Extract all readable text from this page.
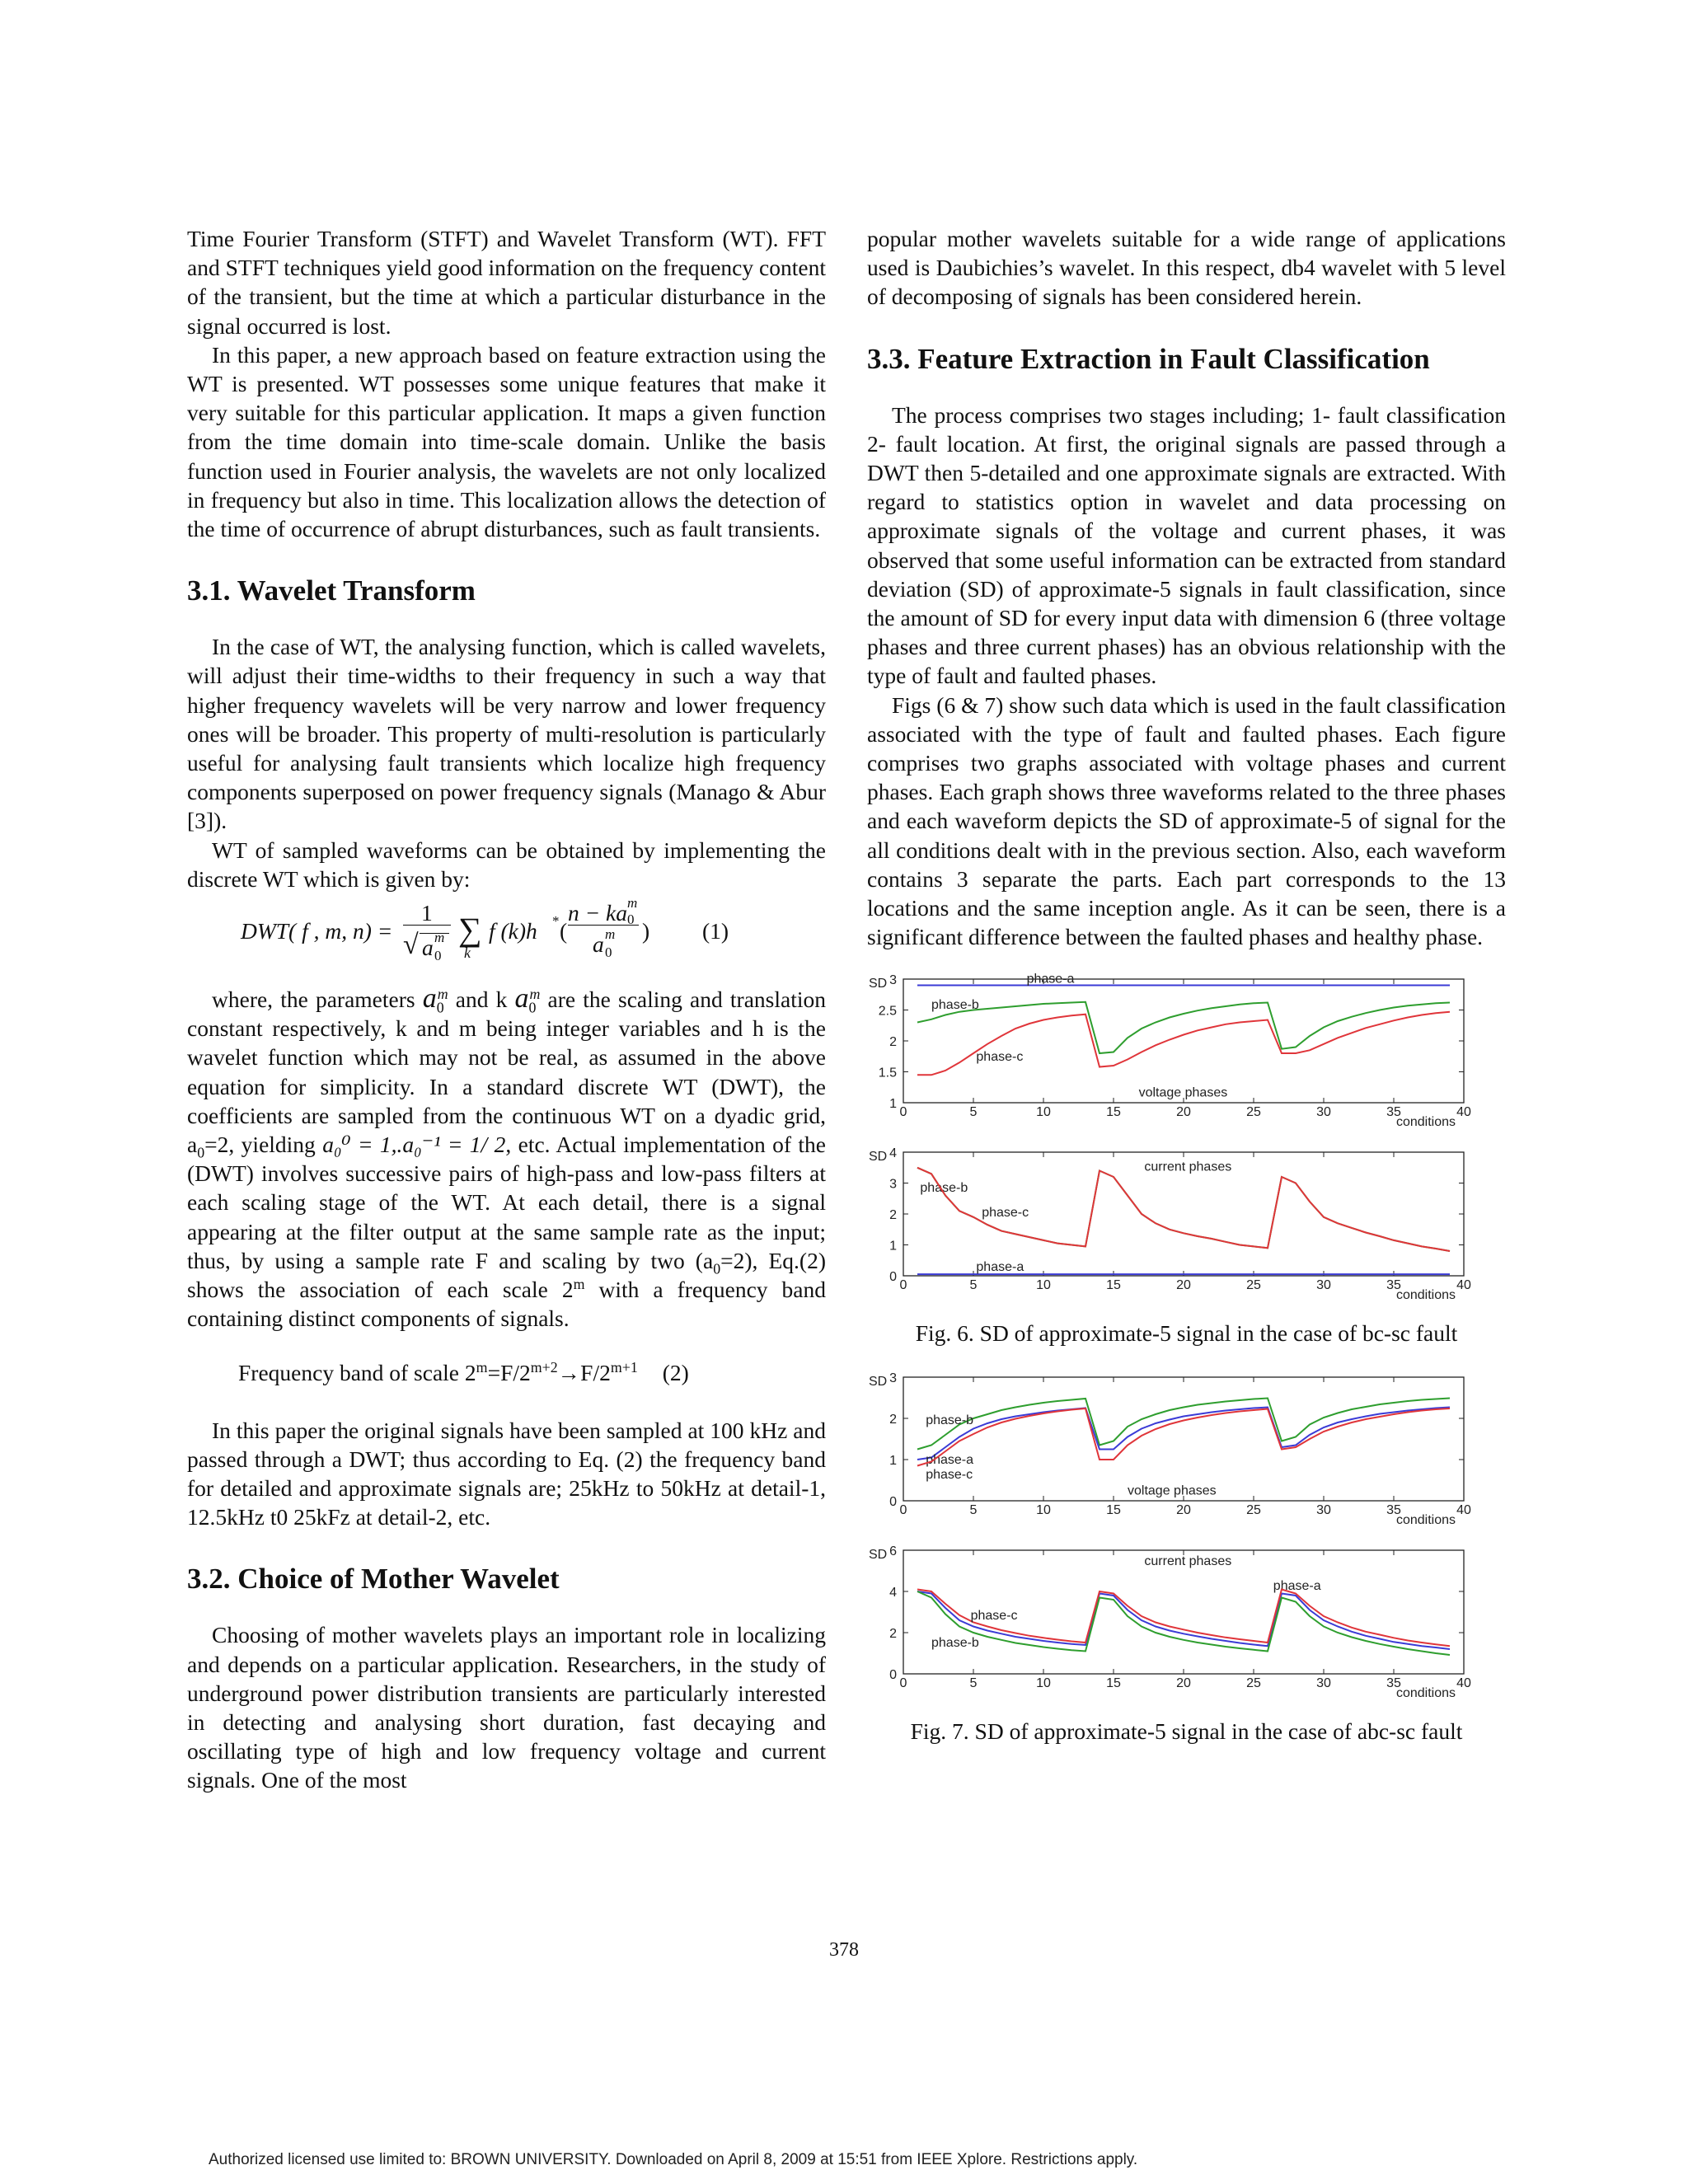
Time Fourier Transform (STFT) and Wavelet Transform (WT). FFT and STFT techniques yield good information on the frequency content of the transient, but the time at which a particular disturbance in the signal occurred is lost.

In this paper, a new approach based on feature extraction using the WT is presented. WT possesses some unique features that make it very suitable for this particular application. It maps a given function from the time domain into time-scale domain. Unlike the basis function used in Fourier analysis, the wavelets are not only localized in frequency but also in time. This localization allows the detection of the time of occurrence of abrupt disturbances, such as fault transients.

3.1. Wavelet Transform

In the case of WT, the analysing function, which is called wavelets, will adjust their time-widths to their frequency in such a way that higher frequency wavelets will be very narrow and lower frequency ones will be broader. This property of multi-resolution is particularly useful for analysing fault transients which localize high frequency components superposed on power frequency signals (Manago & Abur [3]).

WT of sampled waveforms can be obtained by implementing the discrete WT which is given by:

DWT( f , m, n) =
1
√ a m
0
∑
k
f (k)h * (
n − ka m
0
a m
0
) (1)

where, the parameters $a_0^m$ and k $a_0^m$ are the scaling and translation constant respectively, k and m being integer variables and h is the wavelet function which may not be real, as assumed in the above equation for simplicity. In a standard discrete WT (DWT), the coefficients are sampled from the continuous WT on a dyadic grid, $a_0=2$, yielding a₀⁰ = 1,.a₀⁻¹ = 1/ 2, etc. Actual implementation of the (DWT) involves successive pairs of high-pass and low-pass filters at each scaling stage of the WT. At each detail, there is a signal appearing at the filter output at the same sample rate as the input; thus, by using a sample rate F and scaling by two $(a_0=2)$, Eq.(2) shows the association of each scale 2$^m$ with a frequency band containing distinct components of signals.

Frequency band of scale $2^m=F/2^{m+2}\to F/2^{m+1}$ (2)

In this paper the original signals have been sampled at 100 kHz and passed through a DWT; thus according to Eq. (2) the frequency band for detailed and approximate signals are; 25kHz to 50kHz at detail-1, 12.5kHz t0 25kFz at detail-2, etc.

3.2. Choice of Mother Wavelet

Choosing of mother wavelets plays an important role in localizing and depends on a particular application. Researchers, in the study of underground power distribution transients are particularly interested in detecting and analysing short duration, fast decaying and oscillating type of high and low frequency voltage and current signals. One of the most

popular mother wavelets suitable for a wide range of applications used is Daubichies’s wavelet. In this respect, db4 wavelet with 5 level of decomposing of signals has been considered herein.

3.3. Feature Extraction in Fault Classification

The process comprises two stages including; 1- fault classification 2- fault location. At first, the original signals are passed through a DWT then 5-detailed and one approximate signals are extracted. With regard to statistics option in wavelet and data processing on approximate signals of the voltage and current phases, it was observed that some useful information can be extracted from standard deviation (SD) of approximate-5 signals in fault classification, since the amount of SD for every input data with dimension 6 (three voltage phases and three current phases) has an obvious relationship with the type of fault and faulted phases.

Figs (6 & 7) show such data which is used in the fault classification associated with the type of fault and faulted phases. Each figure comprises two graphs associated with voltage phases and current phases. Each graph shows three waveforms related to the three phases and each waveform depicts the SD of approximate-5 of signal for the all conditions dealt with in the previous section. Also, each waveform contains 3 separate the parts. Each part corresponds to the 13 locations and the same inception angle. As it can be seen, there is a significant difference between the faulted phases and healthy phase.

0	5	10	15	20	25	30	35	40
1
1.5
2
2.5
3
SD
conditions
voltage phases
phase-a
phase-b
phase-c
0	5	10	15	20	25	30	35	40
0
1
2
3
4
SD
conditions
current phases
phase-b
phase-c
phase-a

Fig. 6. SD of approximate-5 signal in the case of bc-sc fault

0	5	10	15	20	25	30	35	40
0
1
2
3
SD
conditions
voltage phases
phase-b
phase-a
phase-c
0	5	10	15	20	25	30	35	40
0
2
4
6
SD
conditions
current phases
phase-a
phase-c
phase-b

Fig. 7. SD of approximate-5 signal in the case of abc-sc fault

378
Authorized licensed use limited to: BROWN UNIVERSITY. Downloaded on April 8, 2009 at 15:51 from IEEE Xplore. Restrictions apply.
